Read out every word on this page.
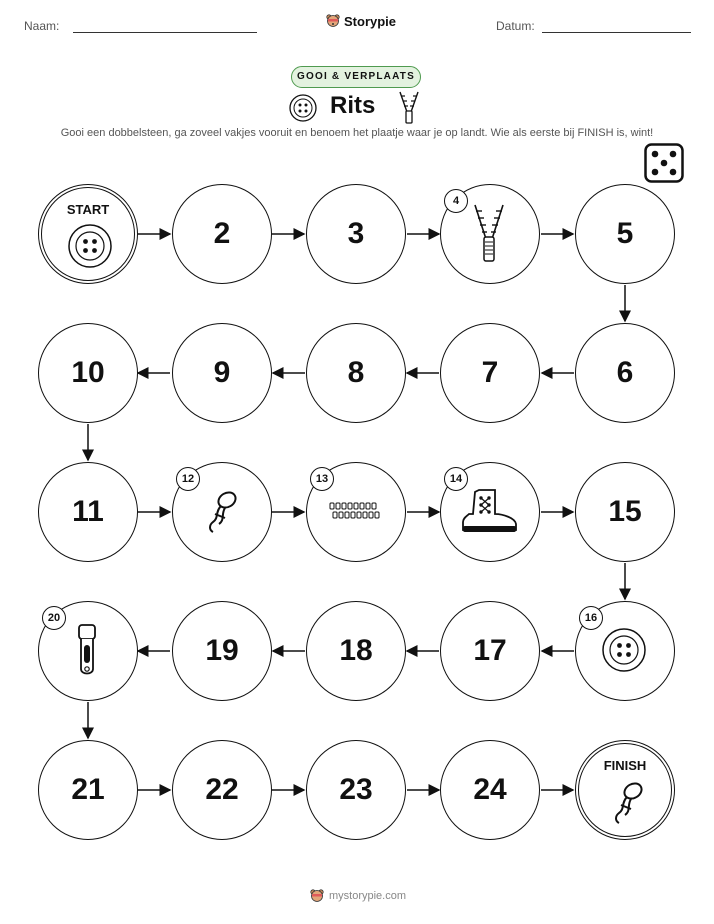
Naam:	Storypie	Datum:
GOOI & VERPLAATS
Rits
Gooi een dobbelsteen, ga zoveel vakjes vooruit en benoem het plaatje waar je op landt. Wie als eerste bij FINISH is, wint!
START
2	3
4
5
6
7
8
9
10
11
12	13	14
15
16
17
18
19
20
21	22	23	24
FINISH
mystorypie.com
